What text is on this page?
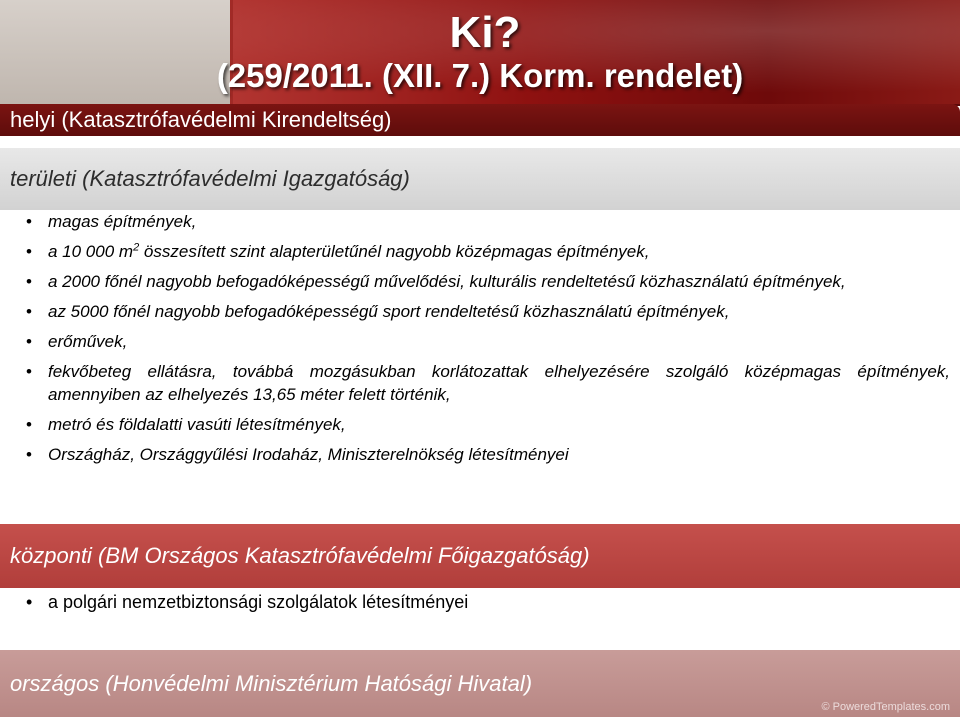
Ki?
(259/2011. (XII. 7.) Korm. rendelet)
helyi (Katasztrófavédelmi Kirendeltség)
területi (Katasztrófavédelmi Igazgatóság)
• magas építmények,
• a 10 000 $m^2$ összesített szint alapterületűnél nagyobb középmagas építmények,
• a 2000 főnél nagyobb befogadóképességű művelődési, kulturális rendeltetésű közhasználatú építmények,
• az 5000 főnél nagyobb befogadóképességű sport rendeltetésű közhasználatú építmények,
• erőművek,
• fekvőbeteg ellátásra, továbbá mozgásukban korlátozattak elhelyezésére szolgáló középmagas építmények, amennyiben az elhelyezés 13,65 méter felett történik,
• metró és földalatti vasúti létesítmények,
• Országház, Országgyűlési Irodaház, Miniszterelnökség létesítményei
központi (BM Országos Katasztrófavédelmi Főigazgatóság)
• a polgári nemzetbiztonsági szolgálatok létesítményei
országos (Honvédelmi Minisztérium Hatósági Hivatal)
© PoweredTemplates.com
